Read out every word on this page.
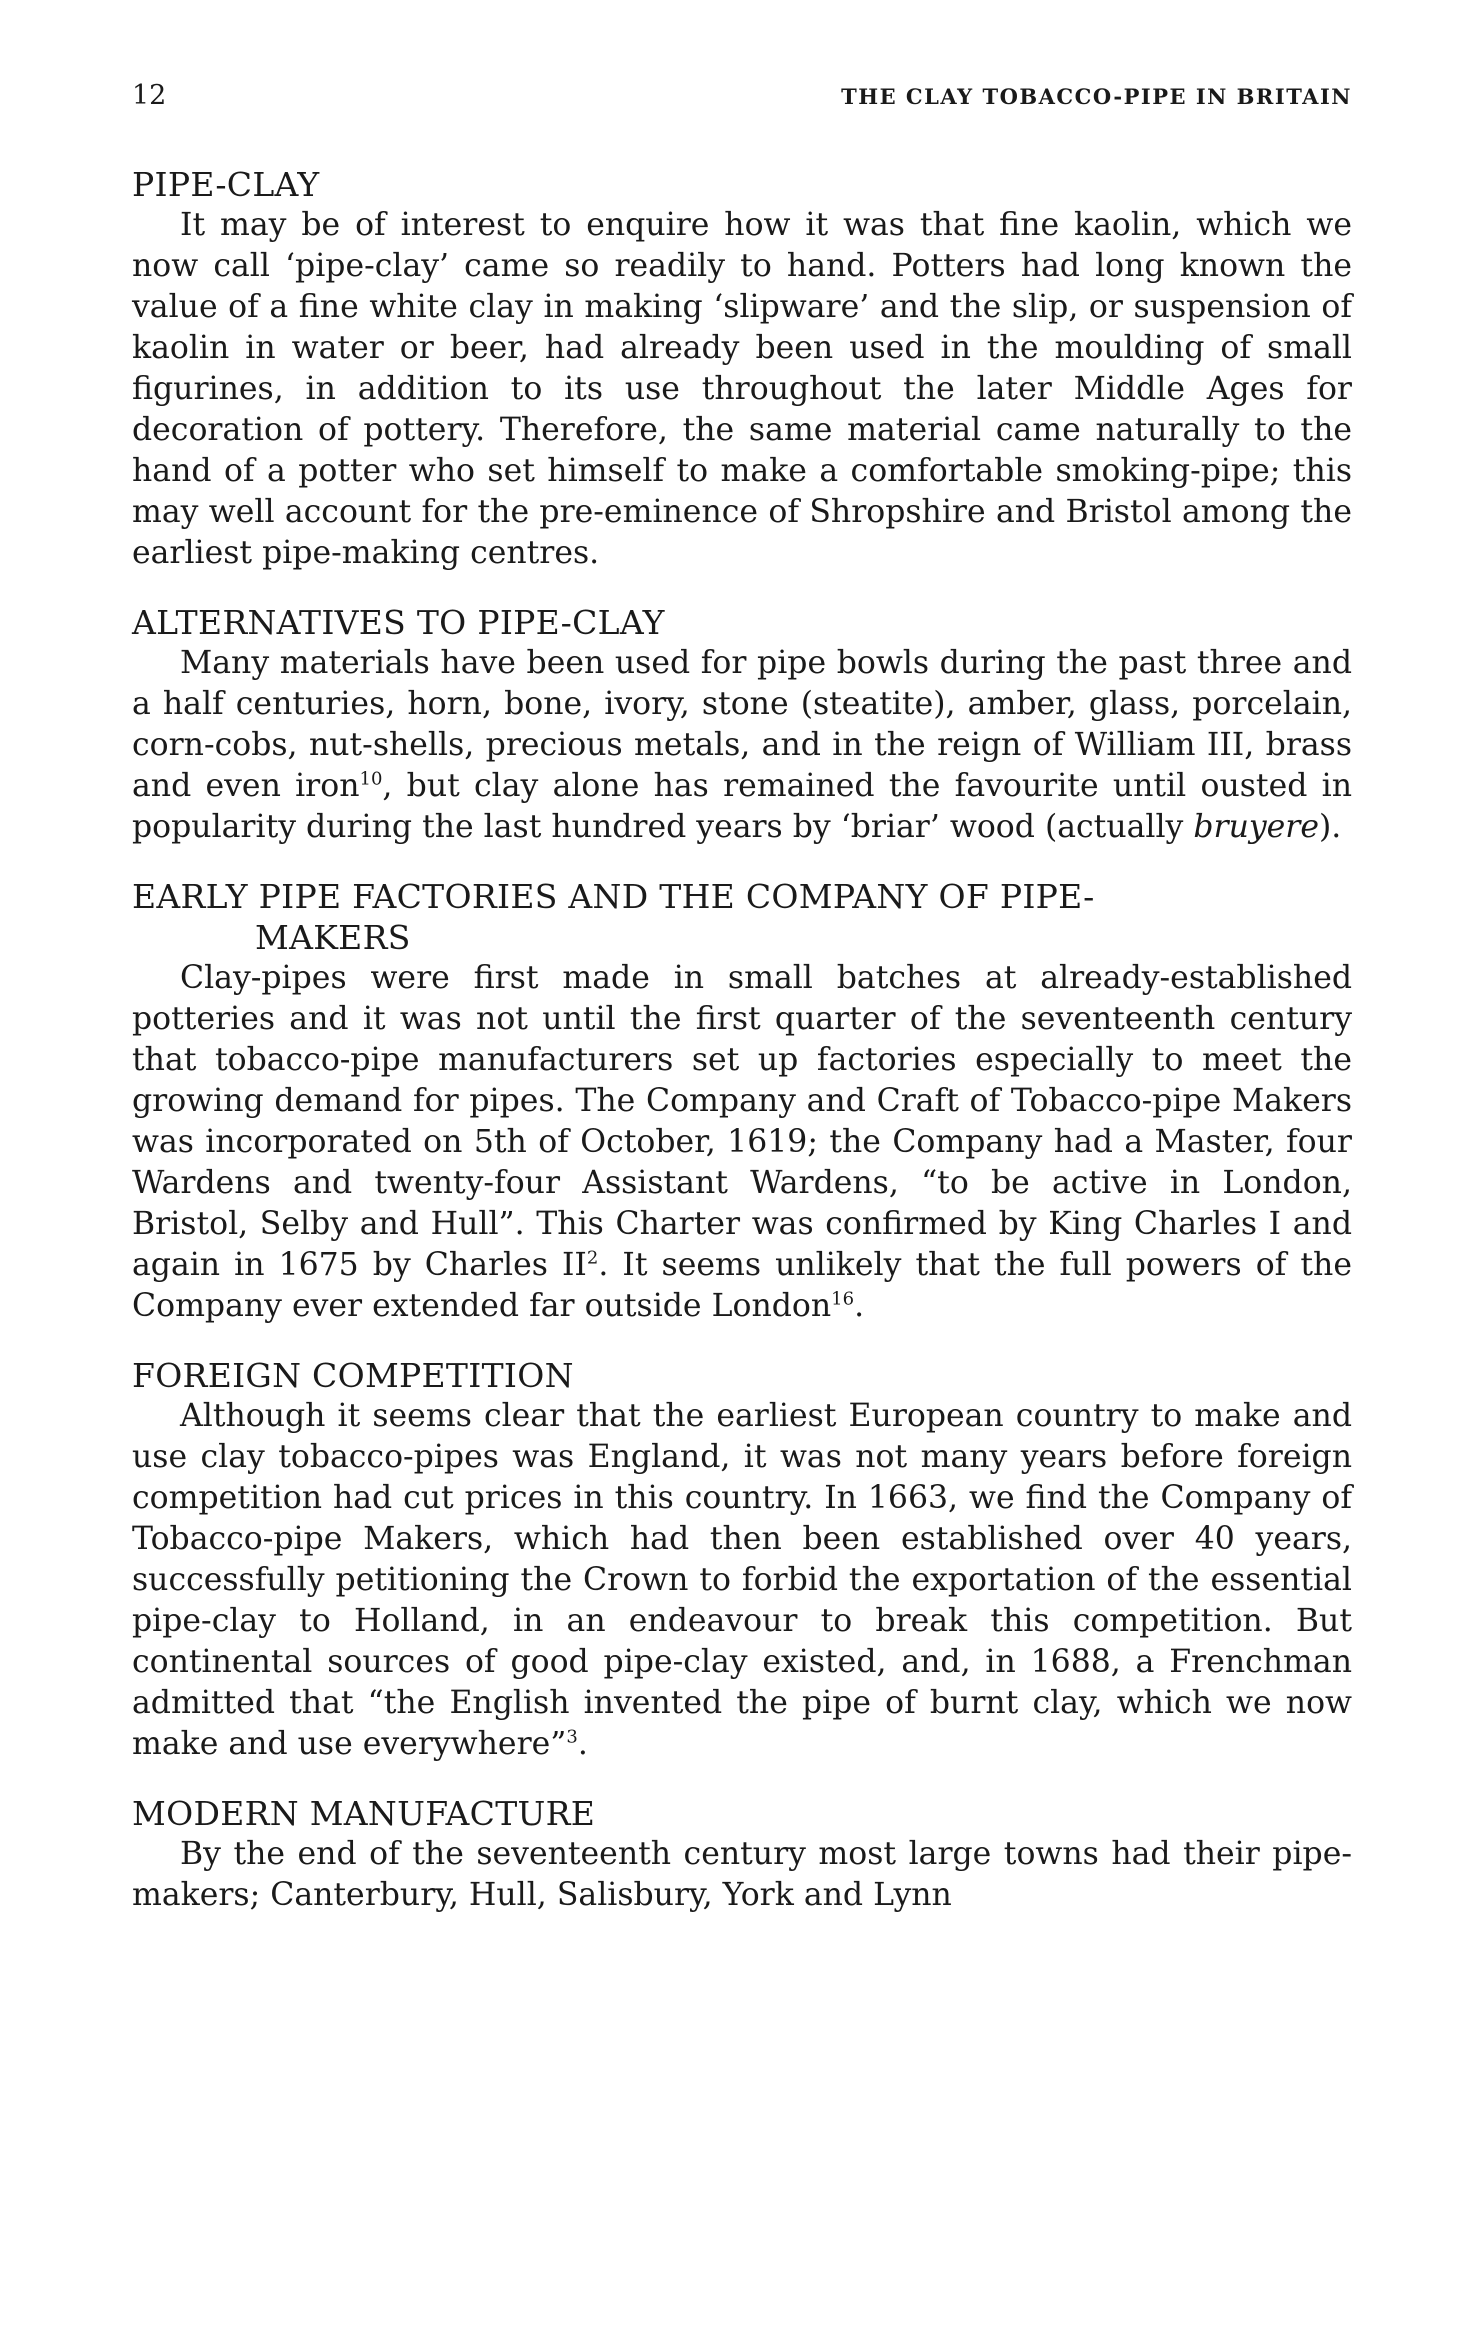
12	THE CLAY TOBACCO-PIPE IN BRITAIN
PIPE-CLAY

It may be of interest to enquire how it was that fine kaolin, which we now call ‘pipe-clay’ came so readily to hand. Potters had long known the value of a fine white clay in making ‘slipware’ and the slip, or suspension of kaolin in water or beer, had already been used in the moulding of small figurines, in addition to its use throughout the later Middle Ages for decoration of pottery. Therefore, the same material came naturally to the hand of a potter who set himself to make a comfortable smoking-pipe; this may well account for the pre-eminence of Shropshire and Bristol among the earliest pipe-making centres.

ALTERNATIVES TO PIPE-CLAY

Many materials have been used for pipe bowls during the past three and a half centuries, horn, bone, ivory, stone (steatite), amber, glass, porcelain, corn-cobs, nut-shells, precious metals, and in the reign of William III, brass and even iron$^{10}$, but clay alone has remained the favourite until ousted in popularity during the last hundred years by ‘briar’ wood (actually bruyere).

EARLY PIPE FACTORIES AND THE COMPANY OF PIPE-
MAKERS

Clay-pipes were first made in small batches at already-established potteries and it was not until the first quarter of the seventeenth century that tobacco-pipe manufacturers set up factories especially to meet the growing demand for pipes. The Company and Craft of Tobacco-pipe Makers was incorporated on 5th of October, 1619; the Company had a Master, four Wardens and twenty-four Assistant Wardens, “to be active in London, Bristol, Selby and Hull”. This Charter was confirmed by King Charles I and again in 1675 by Charles $II^2$. It seems unlikely that the full powers of the Company ever extended far outside London$^{16}$.

FOREIGN COMPETITION

Although it seems clear that the earliest European country to make and use clay tobacco-pipes was England, it was not many years before foreign competition had cut prices in this country. In 1663, we find the Company of Tobacco-pipe Makers, which had then been established over 40 years, successfully petitioning the Crown to forbid the exportation of the essential pipe-clay to Holland, in an endeavour to break this competition. But continental sources of good pipe-clay existed, and, in 1688, a Frenchman admitted that “the English invented the pipe of burnt clay, which we now make and use everywhere”$^3$.

MODERN MANUFACTURE

By the end of the seventeenth century most large towns had their pipe-makers; Canterbury, Hull, Salisbury, York and Lynn
